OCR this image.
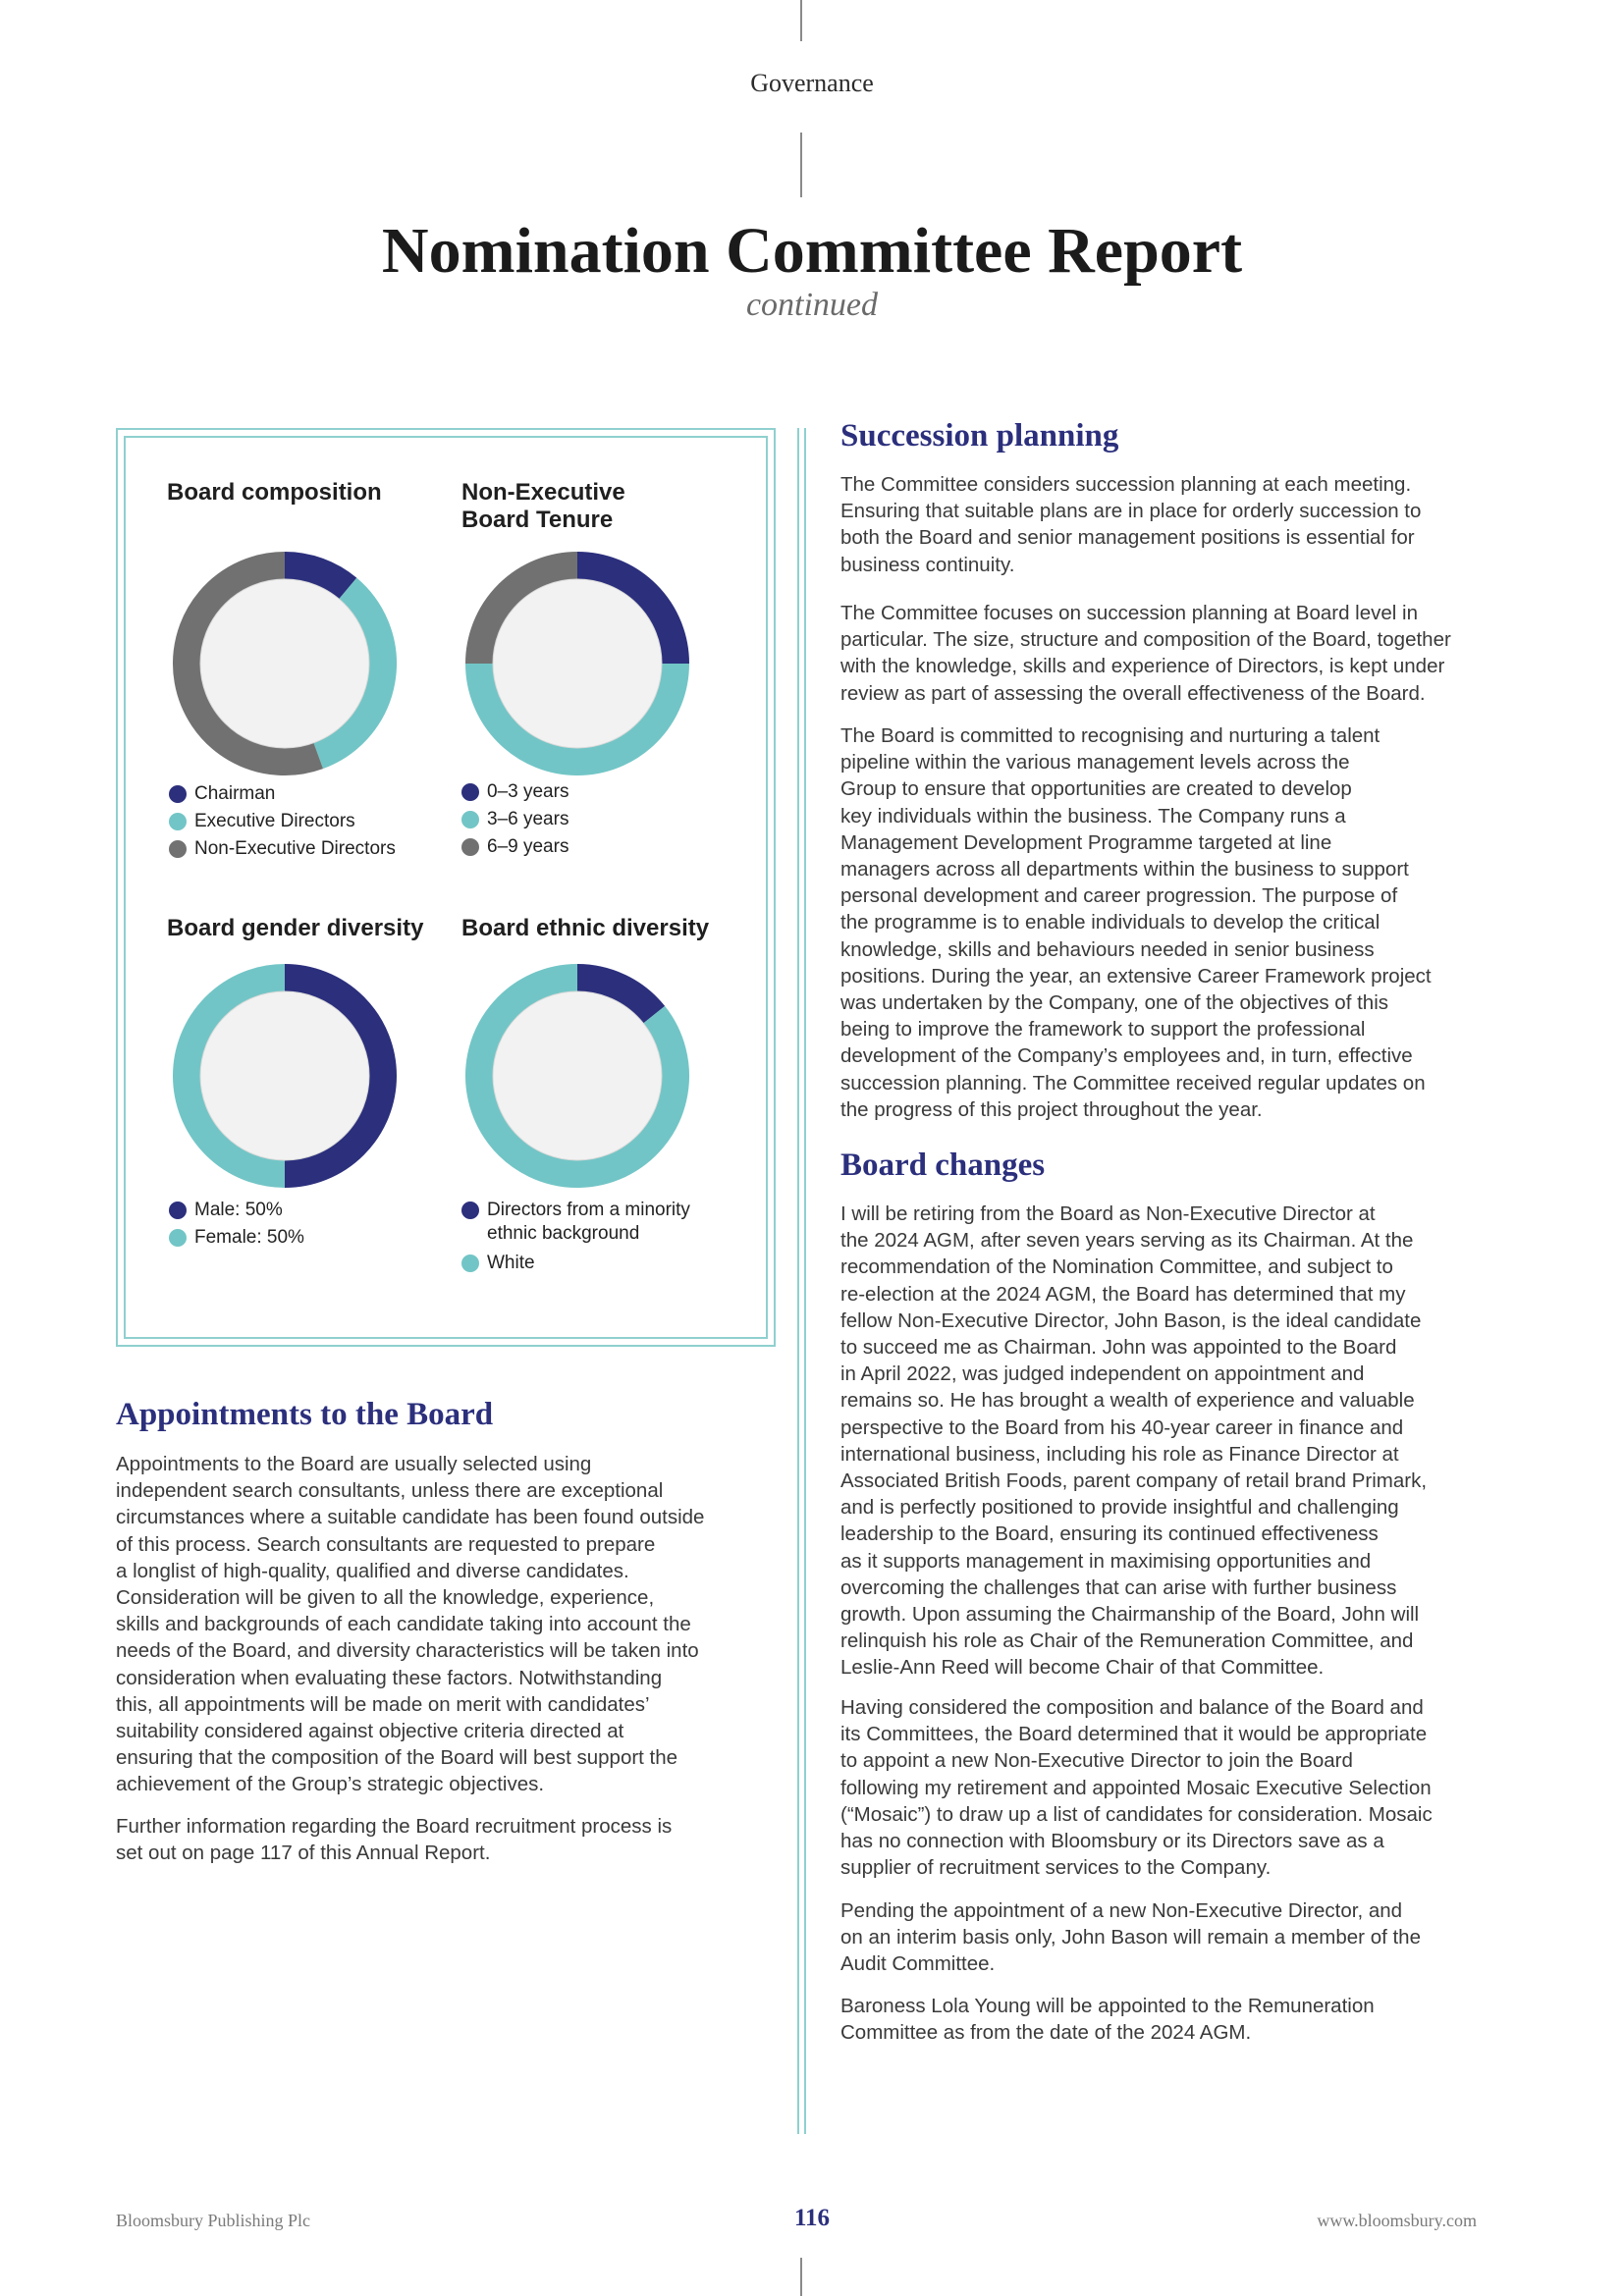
Governance
Nomination Committee Report
continued
Board composition
Chairman
Executive Directors
Non-Executive Directors
Non-Executive
Board Tenure
0–3 years
3–6 years
6–9 years
Board gender diversity
Male: 50%
Female: 50%
Board ethnic diversity
Directors from a minority
ethnic background
White
Appointments to the Board
Appointments to the Board are usually selected using
independent search consultants, unless there are exceptional
circumstances where a suitable candidate has been found outside
of this process. Search consultants are requested to prepare
a longlist of high-quality, qualified and diverse candidates.
Consideration will be given to all the knowledge, experience,
skills and backgrounds of each candidate taking into account the
needs of the Board, and diversity characteristics will be taken into
consideration when evaluating these factors. Notwithstanding
this, all appointments will be made on merit with candidates’
suitability considered against objective criteria directed at
ensuring that the composition of the Board will best support the
achievement of the Group’s strategic objectives.
Further information regarding the Board recruitment process is
set out on page 117 of this Annual Report.
Succession planning
The Committee considers succession planning at each meeting.
Ensuring that suitable plans are in place for orderly succession to
both the Board and senior management positions is essential for
business continuity.
The Committee focuses on succession planning at Board level in
particular. The size, structure and composition of the Board, together
with the knowledge, skills and experience of Directors, is kept under
review as part of assessing the overall effectiveness of the Board.
The Board is committed to recognising and nurturing a talent
pipeline within the various management levels across the
Group to ensure that opportunities are created to develop
key individuals within the business. The Company runs a
Management Development Programme targeted at line
managers across all departments within the business to support
personal development and career progression. The purpose of
the programme is to enable individuals to develop the critical
knowledge, skills and behaviours needed in senior business
positions. During the year, an extensive Career Framework project
was undertaken by the Company, one of the objectives of this
being to improve the framework to support the professional
development of the Company’s employees and, in turn, effective
succession planning. The Committee received regular updates on
the progress of this project throughout the year.
Board changes
I will be retiring from the Board as Non-Executive Director at
the 2024 AGM, after seven years serving as its Chairman. At the
recommendation of the Nomination Committee, and subject to
re-election at the 2024 AGM, the Board has determined that my
fellow Non-Executive Director, John Bason, is the ideal candidate
to succeed me as Chairman. John was appointed to the Board
in April 2022, was judged independent on appointment and
remains so. He has brought a wealth of experience and valuable
perspective to the Board from his 40-year career in finance and
international business, including his role as Finance Director at
Associated British Foods, parent company of retail brand Primark,
and is perfectly positioned to provide insightful and challenging
leadership to the Board, ensuring its continued effectiveness
as it supports management in maximising opportunities and
overcoming the challenges that can arise with further business
growth. Upon assuming the Chairmanship of the Board, John will
relinquish his role as Chair of the Remuneration Committee, and
Leslie-Ann Reed will become Chair of that Committee.
Having considered the composition and balance of the Board and
its Committees, the Board determined that it would be appropriate
to appoint a new Non-Executive Director to join the Board
following my retirement and appointed Mosaic Executive Selection
(“Mosaic”) to draw up a list of candidates for consideration. Mosaic
has no connection with Bloomsbury or its Directors save as a
supplier of recruitment services to the Company.
Pending the appointment of a new Non-Executive Director, and
on an interim basis only, John Bason will remain a member of the
Audit Committee.
Baroness Lola Young will be appointed to the Remuneration
Committee as from the date of the 2024 AGM.
Bloomsbury Publishing Plc	116	www.bloomsbury.com
